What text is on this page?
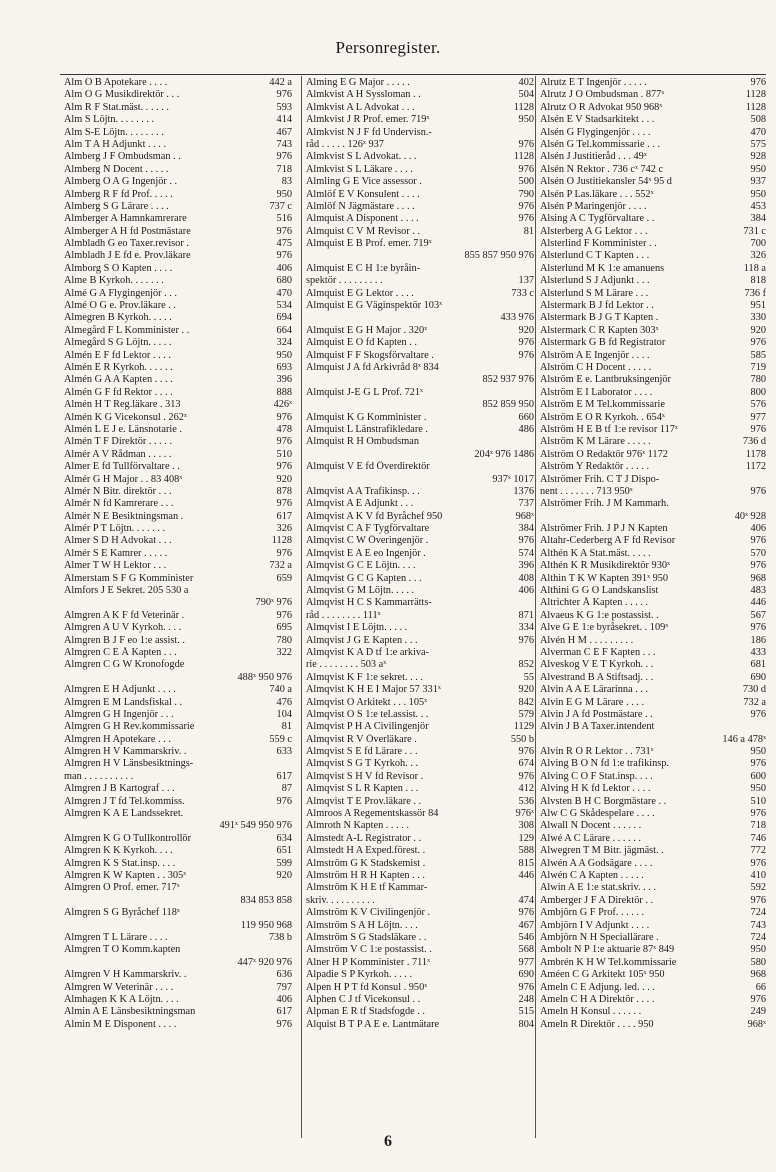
Personregister.
Alm O B Apotekare . . . .	442 a
Alm O G Musikdirektör . . .	976
Alm R F Stat.mäst. . . . . .	593
Alm S Löjtn. . . . . . . .	414
Alm S-E Löjtn. . . . . . . .	467
Alm T A H Adjunkt . . . .	743
Almberg J F Ombudsman . .	976
Almberg N Docent . . . . .	718
Almberg O A G Ingenjör . .	83
Almberg R F fd Prof. . . . .	950
Almberg S G Lärare . . . .	737 c
Almberger A Hamnkamrerare	516
Almberger A H fd Postmästare	976
Almbladh G eo Taxer.revisor .	475
Almbladh J E fd e. Prov.läkare	976
Almborg S O Kapten . . . .	406
Alme B Kyrkoh. . . . . . .	680
Almé G A Flygingenjör . . .	470
Almé O G e. Prov.läkare . .	534
Almegren B Kyrkoh. . . . .	694
Almegård F L Komminister . .	664
Almegård S G Löjtn. . . . .	324
Almén E F fd Lektor . . . .	950
Almén E R Kyrkoh. . . . . .	693
Almén G A A Kapten . . . .	396
Almén G F fd Rektor . . . .	888
Almén H T Reg.läkare . 313	426ˣ
Almén K G Vicekonsul . 262ˣ	976
Almén L E J e. Länsnotarie .	478
Almén T F Direktör . . . . .	976
Almér A V Rådman . . . . .	510
Almer E fd Tullförvaltare . .	976
Almér G H Major . . 83 408ˣ	920
Almér N Bitr. direktör . . .	878
Almér N fd Kamrerare . . .	976
Almér N E Besiktningsman .	617
Almér P T Löjtn. . . . . . .	326
Almer S D H Advokat . . .	1128
Almér S E Kamrer . . . . .	976
Almer T W H Lektor . . .	732 a
Almerstam S F G Komminister	659
Almfors J E Sekret. 205 530 a
790ˣ 976
Almgren A K F fd Veterinär .	976
Almgren A U V Kyrkoh. . . .	695
Almgren B J F eo 1:e assist. .	780
Almgren C E Å Kapten . . .	322
Almgren C G W Kronofogde
488ˣ 950 976
Almgren E H Adjunkt . . . .	740 a
Almgren E M Landsfiskal . .	476
Almgren G H Ingenjör . . .	104
Almgren G H Rev.kommissarie	81
Almgren H Apotekare . . .	559 c
Almgren H V Kammarskriv. .	633
Almgren H V Länsbesiktnings-
man . . . . . . . . . .	617
Almgren J B Kartograf . . .	87
Almgren J T fd Tel.kommiss.	976
Almgren K A E Landssekret.
491ˣ 549 950 976
Almgren K G O Tullkontrollör	634
Almgren K K Kyrkoh. . . .	651
Almgren K S Stat.insp. . . .	599
Almgren K W Kapten . . 305ˣ	920
Almgren O Prof. emer. 717ˣ
834 853 858
Almgren S G Byråchef 118ˣ
119 950 968
Almgren T L Lärare . . . .	738 b
Almgren T O Komm.kapten
447ˣ 920 976
Almgren V H Kammarskriv. .	636
Almgren W Veterinär . . . .	797
Almhagen K K A Löjtn. . . .	406
Almin A E Länsbesiktningsman	617
Almin M E Disponent . . . .	976
Alming E G Major . . . . .	402
Almkvist A H Syssloman . .	504
Almkvist A L Advokat . . .	1128
Almkvist J R Prof. emer. 719ˣ	950
Almkvist N J F fd Undervisn.-
råd . . . . . 126ˣ 937	976
Almkvist S L Advokat. . . .	1128
Almkvist S L Läkare . . . .	976
Almling G E Vice assessor .	500
Almlöf E V Konsulent . . . .	790
Almlöf N Jägmästare . . . .	976
Almquist A Disponent . . . .	976
Almquist C V M Revisor . .	81
Almquist E B Prof. emer. 719ˣ
855 857 950 976
Almquist E C H 1:e byråin-
spektör . . . . . . . . .	137
Almquist E G Lektor . . . .	733 c
Almquist E G Väginspektör 103ˣ
433 976
Almquist E G H Major . 320ˣ	920
Almquist E O fd Kapten . .	976
Almquist F F Skogsförvaltare .	976
Almquist J A fd Arkivråd 8ˣ 834
852 937 976
Almquist J-E G L Prof. 721ˣ
852 859 950
Almquist K G Komminister .	660
Almquist L Länstrafikledare .	486
Almquist R H Ombudsman
204ˣ 976 1486
Almquist V E fd Överdirektör
937ˣ 1017
Almqvist A A Trafikinsp. . .	1376
Almqvist A E Adjunkt . . .	737
Almqvist A K V fd Byråchef 950	968ˣ
Almqvist C A F Tygförvaltare	384
Almqvist C W Överingenjör .	976
Almqvist E A E eo Ingenjör .	574
Almqvist G C E Löjtn. . . .	396
Almqvist G C G Kapten . . .	408
Almqvist G M Löjtn. . . . .	406
Almqvist H C S Kammarrätts-
råd . . . . . . . . 111ˣ	871
Almqvist I E Löjtn. . . . .	334
Almqvist J G E Kapten . . .	976
Almqvist K A D tf 1:e arkiva-
rie . . . . . . . . 503 aˣ	852
Almqvist K F 1:e sekret. . . .	55
Almqvist K H E I Major 57 331ˣ	920
Almqvist O Arkitekt . . . 105ˣ	842
Almqvist O S 1:e tel.assist. . .	579
Almqvist P H A Civilingenjör	1129
Almqvist R V Överläkare .	550 b
Almqvist S E fd Lärare . . .	976
Almqvist S G T Kyrkoh. . .	674
Almqvist S H V fd Revisor .	976
Almqvist S L R Kapten . . .	412
Almqvist T E Prov.läkare . .	536
Almroos A Regementskassör 84	976ˣ
Almroth N Kapten . . . . .	308
Almstedt A-L Registrator . .	129
Almstedt H A Exped.förest. .	588
Almström G K Stadskemist .	815
Almström H R H Kapten . . .	446
Almström K H E tf Kammar-
skriv. . . . . . . . . .	474
Almström K V Civilingenjör .	976
Almström S A H Löjtn. . . .	467
Almström S G Stadsläkare . .	546
Almström V C 1:e postassist. .	568
Alner H P Komminister . 711ˣ	977
Alpadie S P Kyrkoh. . . . .	690
Alpen H P T fd Konsul . 950ˣ	976
Alphen C J tf Vicekonsul . .	248
Alpman E R tf Stadsfogde . .	515
Alquist B T P A E e. Lantmätare	804
Alrutz E T Ingenjör . . . . .	976
Alrutz J O Ombudsman . 877ˣ	1128
Alrutz O R Advokat 950 968ˣ	1128
Alsén E V Stadsarkitekt . . .	508
Alsén G Flygingenjör . . . .	470
Alsén G Tel.kommissarie . . .	575
Alsén J Justitieråd . . . 49ˣ	928
Alsén N Rektor . 736 cˣ 742 c	950
Alsén O Justitiekansler 54ˣ 95 d	937
Alsén P Las.läkare . . . 552ˣ	950
Alsén P Maringenjör . . . .	453
Alsing A C Tygförvaltare . .	384
Alsterberg A G Lektor . . .	731 c
Alsterlind F Komminister . .	700
Alsterlund C T Kapten . . .	326
Alsterlund M K 1:e amanuens	118 a
Alsterlund S J Adjunkt . . .	818
Alsterlund S M Lärare . . .	736 f
Alstermark B J fd Lektor . .	951
Alstermark B J G T Kapten .	330
Alstermark C R Kapten 303ˣ	920
Alstermark G B fd Registrator	976
Alström A E Ingenjör . . . .	585
Alström C H Docent . . . . .	719
Alström E e. Lantbruksingenjör	780
Alström E I Laborator . . . .	800
Alström E M Tel.kommissarie	576
Alström E O R Kyrkoh. . 654ˣ	977
Alström H E B tf 1:e revisor 117ˣ	976
Alström K M Lärare . . . . .	736 d
Alström O Redaktör 976ˣ 1172	1178
Alström Y Redaktör . . . . .	1172
Alströmer Frih. C T J Dispo-
nent . . . . . . . 713 950ˣ	976
Alströmer Frih. J M Kammarh.
40ˣ 928
Alströmer Frih. J P J N Kapten	406
Altahr-Cederberg A F fd Revisor	976
Althén K A Stat.mäst. . . . .	570
Althén K R Musikdirektör 930ˣ	976
Althin T K W Kapten 391ˣ 950	968
Althini G G O Landskanslist	483
Altrichter Å Kapten . . . . .	446
Alvaeus K G 1:e postassist. .	567
Alve G E 1:e byråsekret. . 109ˣ	976
Alvén H M . . . . . . . . .	186
Alverman C E F Kapten . . .	433
Alveskog V E T Kyrkoh. . .	681
Alvestrand B A Stiftsadj. . .	690
Alvin A A E Lärarinna . . .	730 d
Alvin E G M Lärare . . . .	732 a
Alvin J A fd Postmästare . .	976
Alvin J B A Taxer.intendent
146 a 478ˣ
Alvin R O R Lektor . . 731ˣ	950
Alving B O N fd 1:e trafikinsp.	976
Alving C O F Stat.insp. . . .	600
Alving H K fd Lektor . . . .	950
Alvsten B H C Borgmästare . .	510
Alw C G Skådespelare . . . .	976
Alwall N Docent . . . . . .	718
Alwé A C Lärare . . . . . .	746
Alwegren T M Bitr. jägmäst. .	772
Alwén A A Godsägare . . . .	976
Alwén C A Kapten . . . . .	410
Alwin A E 1:e stat.skriv. . . .	592
Amberger J F A Direktör . .	976
Ambjörn G F Prof. . . . . .	724
Ambjörn I V Adjunkt . . . .	743
Ambjörn N H Speciallärare .	724
Ambolt N P 1:e aktuarie 87ˣ 849	950
Ambrén K H W Tel.kommissarie	580
Améen C G Arkitekt 105ˣ 950	968
Ameln C E Adjung. led. . . .	66
Ameln C H A Direktör . . . .	976
Ameln H Konsul . . . . . .	249
Ameln R Direktör . . . . 950	968ˣ
6
